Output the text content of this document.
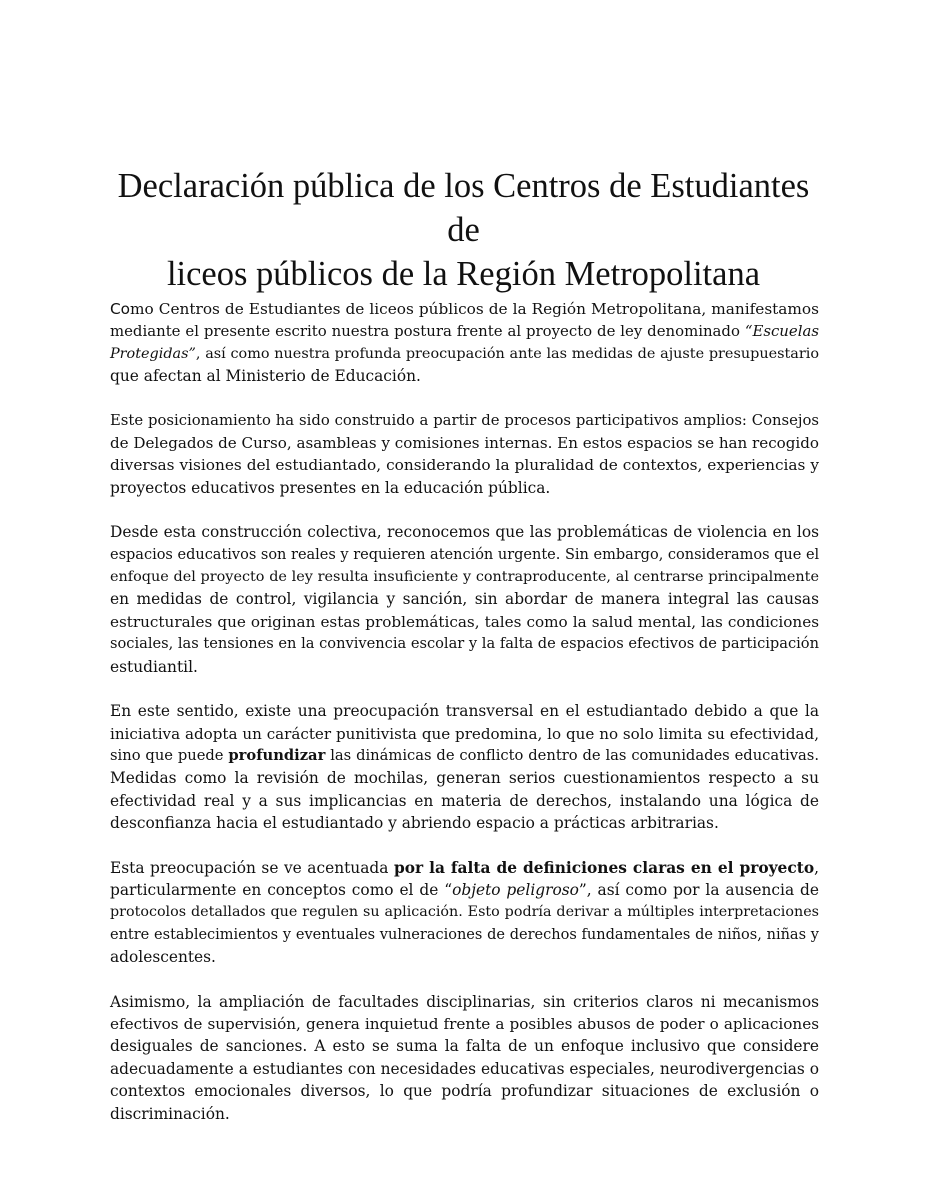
Declaración pública de los Centros de Estudiantes de
liceos públicos de la Región Metropolitana

Como Centros de Estudiantes de liceos públicos de la Región Metropolitana, manifestamos
mediante el presente escrito nuestra postura frente al proyecto de ley denominado “Escuelas
Protegidas”, así como nuestra profunda preocupación ante las medidas de ajuste presupuestario
que afectan al Ministerio de Educación.

Este posicionamiento ha sido construido a partir de procesos participativos amplios: Consejos
de Delegados de Curso, asambleas y comisiones internas. En estos espacios se han recogido
diversas visiones del estudiantado, considerando la pluralidad de contextos, experiencias y
proyectos educativos presentes en la educación pública.

Desde esta construcción colectiva, reconocemos que las problemáticas de violencia en los
espacios educativos son reales y requieren atención urgente. Sin embargo, consideramos que el
enfoque del proyecto de ley resulta insuficiente y contraproducente, al centrarse principalmente
en medidas de control, vigilancia y sanción, sin abordar de manera integral las causas
estructurales que originan estas problemáticas, tales como la salud mental, las condiciones
sociales, las tensiones en la convivencia escolar y la falta de espacios efectivos de participación
estudiantil.

En este sentido, existe una preocupación transversal en el estudiantado debido a que la
iniciativa adopta un carácter punitivista que predomina, lo que no solo limita su efectividad,
sino que puede profundizar las dinámicas de conflicto dentro de las comunidades educativas.
Medidas como la revisión de mochilas, generan serios cuestionamientos respecto a su
efectividad real y a sus implicancias en materia de derechos, instalando una lógica de
desconfianza hacia el estudiantado y abriendo espacio a prácticas arbitrarias.

Esta preocupación se ve acentuada por la falta de definiciones claras en el proyecto,
particularmente en conceptos como el de “objeto peligroso”, así como por la ausencia de
protocolos detallados que regulen su aplicación. Esto podría derivar a múltiples interpretaciones
entre establecimientos y eventuales vulneraciones de derechos fundamentales de niños, niñas y
adolescentes.

Asimismo, la ampliación de facultades disciplinarias, sin criterios claros ni mecanismos
efectivos de supervisión, genera inquietud frente a posibles abusos de poder o aplicaciones
desiguales de sanciones. A esto se suma la falta de un enfoque inclusivo que considere
adecuadamente a estudiantes con necesidades educativas especiales, neurodivergencias o
contextos emocionales diversos, lo que podría profundizar situaciones de exclusión o
discriminación.
